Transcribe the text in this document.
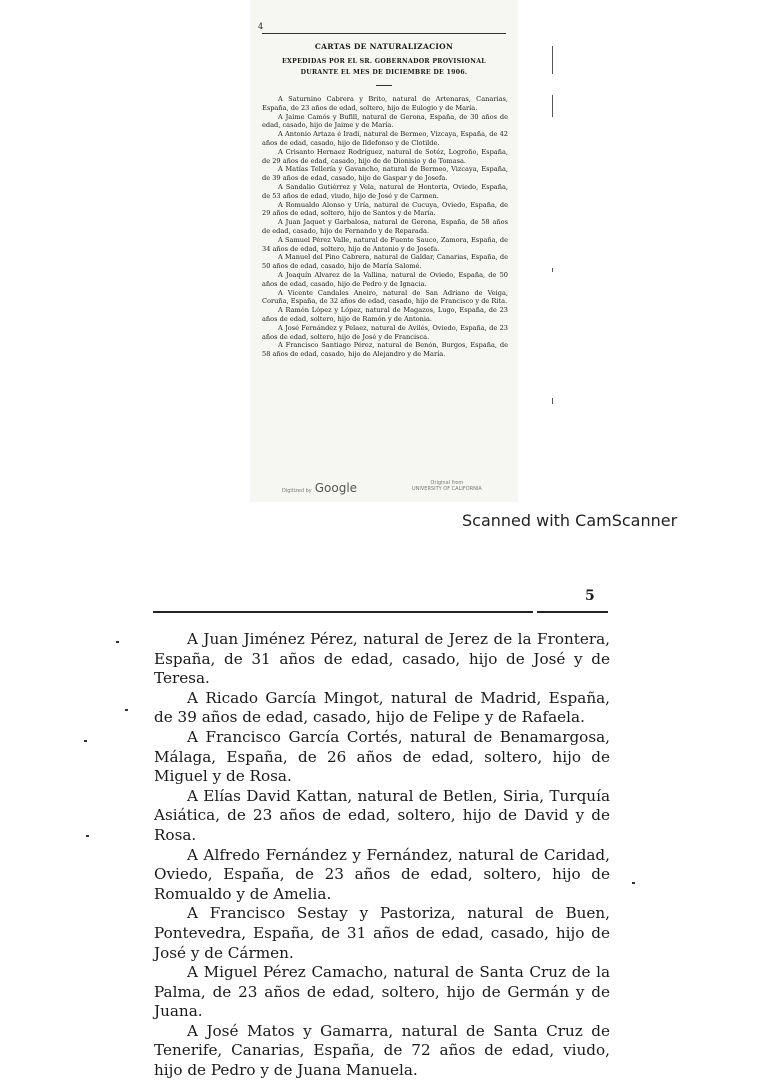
4
CARTAS DE NATURALIZACION
EXPEDIDAS POR EL SR. GOBERNADOR PROVISIONAL
DURANTE EL MES DE DICIEMBRE DE 1906.

A Saturnino Cabrera y Brito, natural de Artenaras, Canarias, España, de 23 años de edad, soltero, hijo de Eulogio y de María.

A Jaime Camós y Bufill, natural de Gerona, España, de 30 años de edad, casado, hijo de Jaime y de María.

A Antonio Artaza é Iradi, natural de Bermeo, Vizcaya, España, de 42 años de edad, casado, hijo de Ildefonso y de Clotilde.

A Crisanto Hernaez Rodríguez, natural de Sotéz, Logroño, España, de 29 años de edad, casado, hijo de de Dionisio y de Tomasa.

A Matías Tellería y Gavancho, natural de Bermeo, Vizcaya, España, de 39 años de edad, casado, hijo de Gaspar y de Josefa.

A Sandalio Gutiérrez y Vela, natural de Hontoria, Oviedo, España, de 53 años de edad, viudo, hijo de José y de Carmen.

A Romualdo Alonso y Uría, natural de Cucuya, Oviedo, España, de 29 años de edad, soltero, hijo de Santos y de María.

A Juan Jaquet y Garbalosa, natural de Gerona, España, de 58 años de edad, casado, hijo de Fernando y de Reparada.

A Samuel Pérez Valle, natural de Fuente Sauco, Zamora, España, de 34 años de edad, soltero, hijo de Antonio y de Josefa.

A Manuel del Pino Cabrera, natural de Galdar, Canarias, España, de 50 años de edad, casado, hijo de María Salomé.

A Joaquín Alvarez de la Vallina, natural de Oviedo, España, de 50 años de edad, casado, hijo de Pedro y de Ignacia.

A Vicente Candales Aneiro, natural de San Adriano de Veiga, Coruña, España, de 32 años de edad, casado, hijo de Francisco y de Rita.

A Ramón López y López, natural de Magazos, Lugo, España, de 23 años de edad, soltero, hijo de Ramón y de Antonia.

A José Fernández y Pelaez, natural de Avilés, Oviedo, España, de 23 años de edad, soltero, hijo de José y de Francisca.

A Francisco Santiago Pérez, natural de Benón, Burgos, España, de 58 años de edad, casado, hijo de Alejandro y de María.

Digitized by Google	Original from
UNIVERSITY OF CALIFORNIA
Scanned with CamScanner
5

A Juan Jiménez Pérez, natural de Jerez de la Frontera, España, de 31 años de edad, casado, hijo de José y de Teresa.

A Ricado García Mingot, natural de Madrid, España, de 39 años de edad, casado, hijo de Felipe y de Rafaela.

A Francisco García Cortés, natural de Benamargosa, Málaga, España, de 26 años de edad, soltero, hijo de Miguel y de Rosa.

A Elías David Kattan, natural de Betlen, Siria, Turquía Asiática, de 23 años de edad, soltero, hijo de David y de Rosa.

A Alfredo Fernández y Fernández, natural de Caridad, Oviedo, España, de 23 años de edad, soltero, hijo de Romualdo y de Amelia.

A Francisco Sestay y Pastoriza, natural de Buen, Pontevedra, España, de 31 años de edad, casado, hijo de José y de Cármen.

A Miguel Pérez Camacho, natural de Santa Cruz de la Palma, de 23 años de edad, soltero, hijo de Germán y de Juana.

A José Matos y Gamarra, natural de Santa Cruz de Tenerife, Canarias, España, de 72 años de edad, viudo, hijo de Pedro y de Juana Manuela.
